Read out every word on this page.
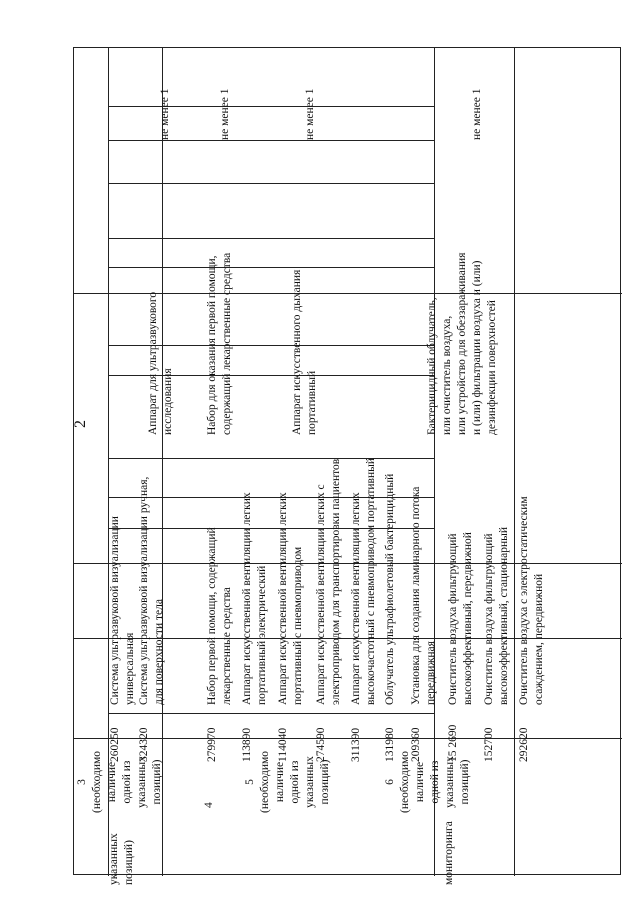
2
указанных
позиций)	мониторинга
3
(необходимо
наличие
одной из
указанных
позиций)
260250
Система ультразвуковой визуализации
универсальная
324320
Система ультразвуковой визуализации ручная,
для поверхности тела
Аппарат для ультразвукового
исследования
не менее 1
4
279970
Набор первой помощи, содержащий
лекарственные средства
Набор для оказания первой помощи,
содержащий лекарственные средства
не менее 1
5
(необходимо
наличие
одной из
указанных
позиций)
113890
Аппарат искусственной вентиляции легких
портативный электрический
114040
Аппарат искусственной вентиляции легких
портативный с пневмоприводом
274590
Аппарат искусственной вентиляции легких с
электроприводом для транспортировки пациентов
311390
Аппарат искусственной вентиляции легких
высокочастотный с пневмоприводом портативный
Аппарат искусственного дыхания
портативный
не менее 1
6
(необходимо
наличие
одной из
указанных
позиций)
131980
Облучатель ультрафиолетовый бактерицидный
209360
Установка для создания ламинарного потока
передвижная
15 2690
Очиститель воздуха фильтрующий
высокоэффективный, передвижной
152700
Очиститель воздуха фильтрующий
высокоэффективный, стационарный
292620
Очиститель воздуха с электростатическим
осаждением, передвижной
Бактерицидный облучатель,
или очиститель воздуха,
или устройство для обеззараживания
и (или) фильтрации воздуха и (или)
дезинфекции поверхностей
не менее 1
